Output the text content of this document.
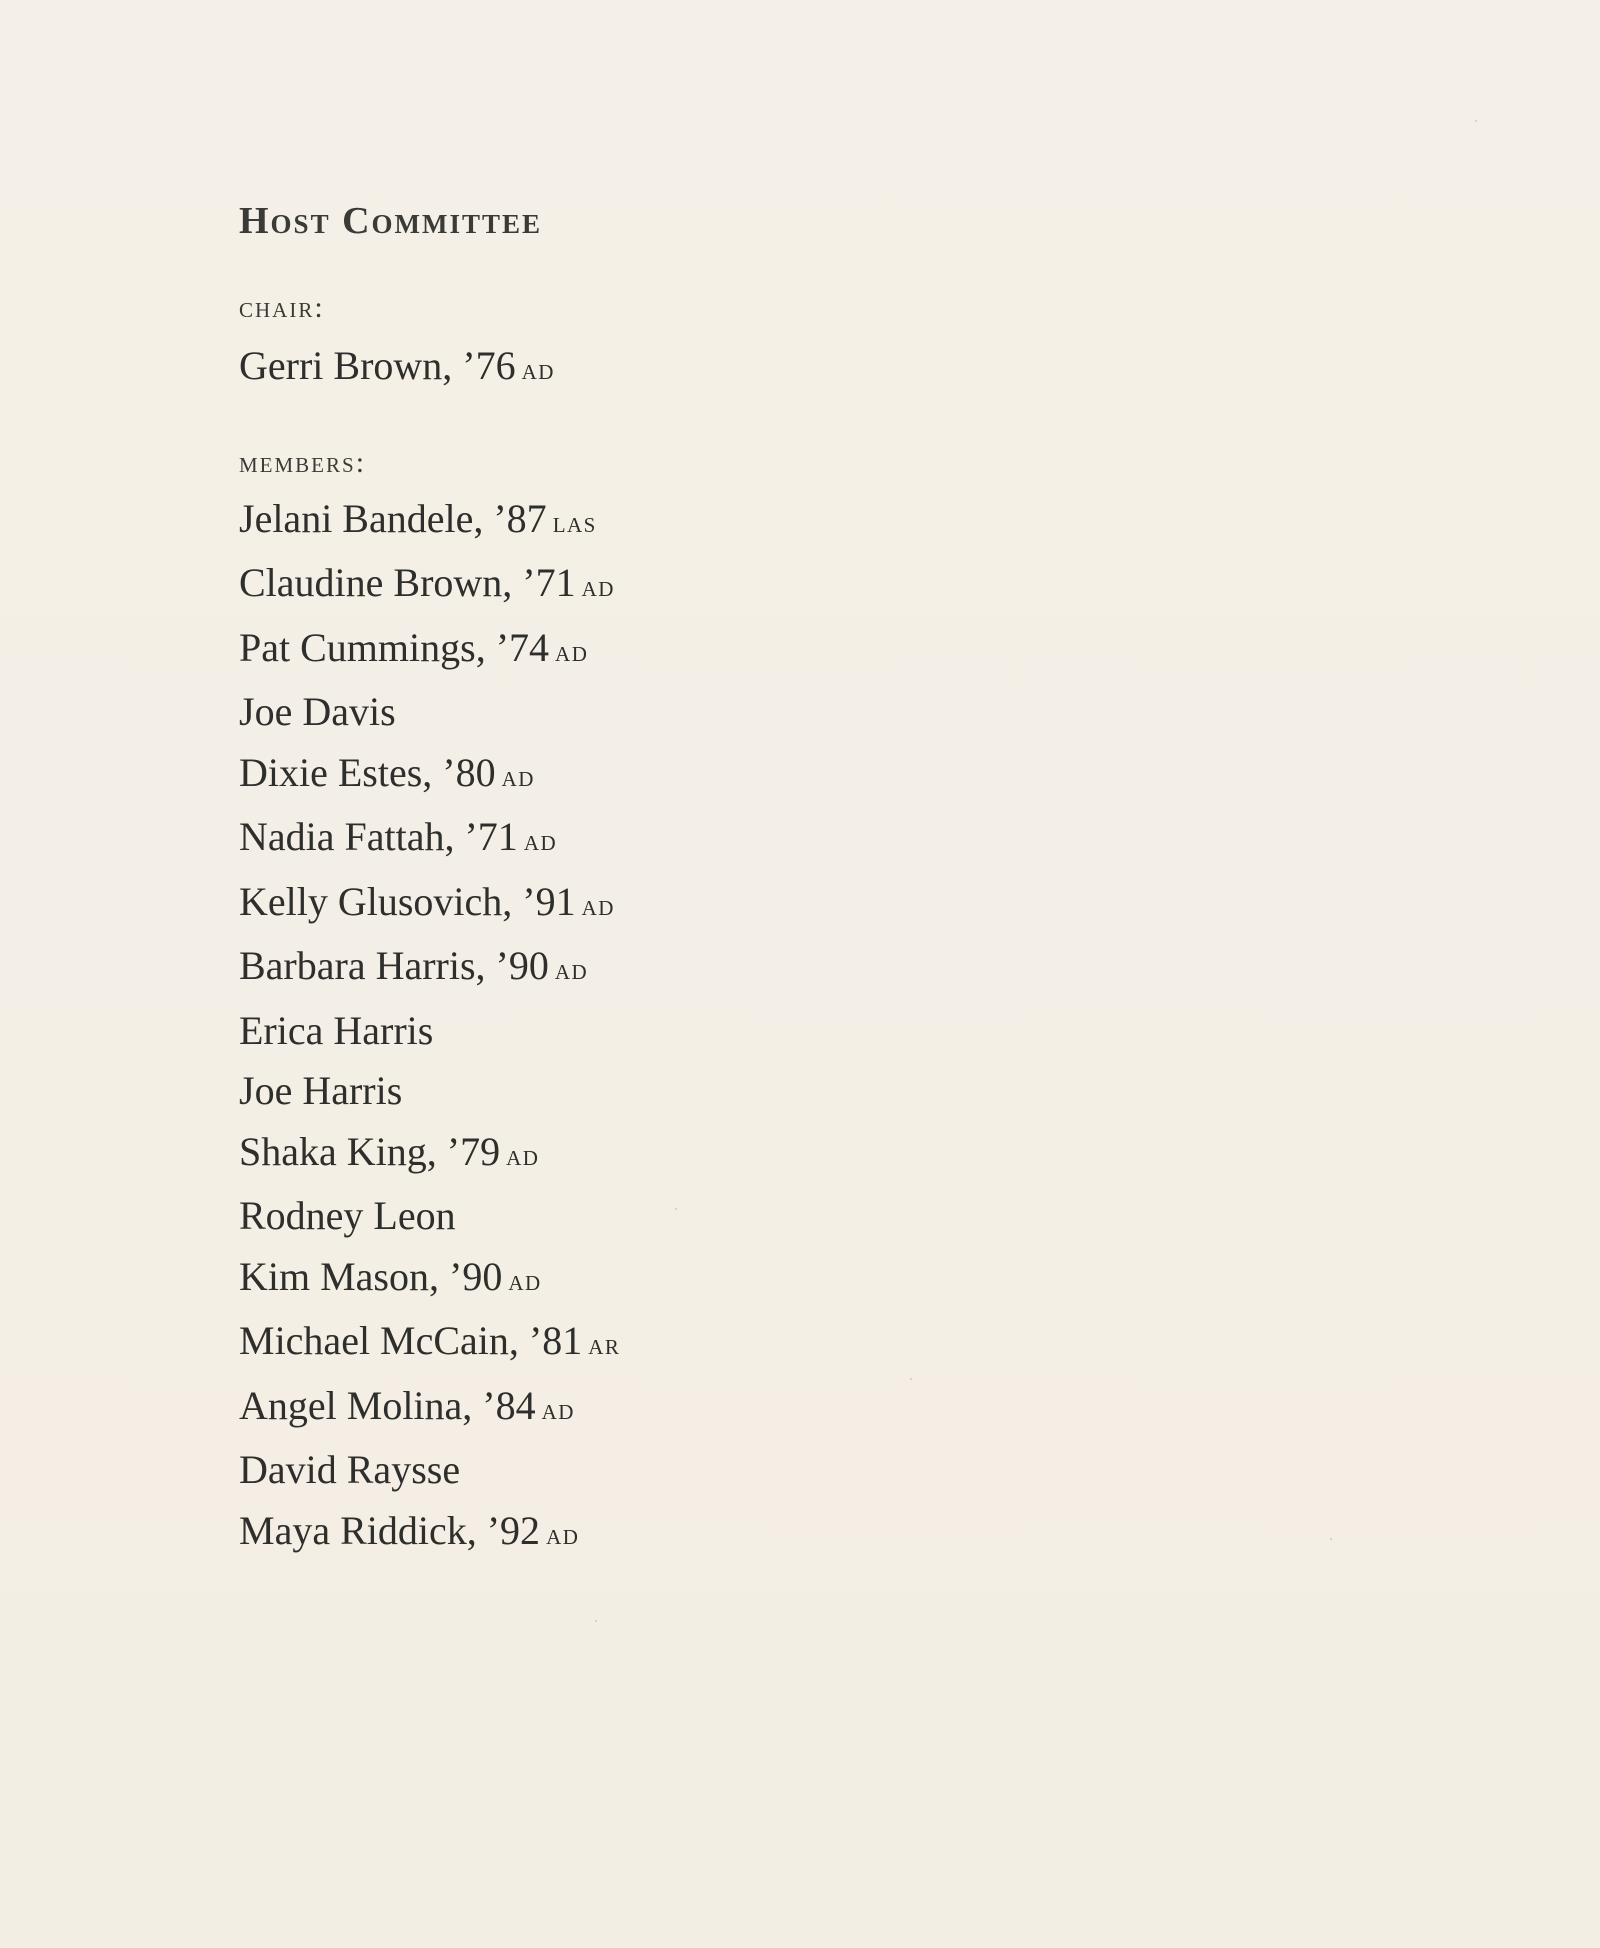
Host Committee
chair:
Gerri Brown, ’76 ad
members:
Jelani Bandele, ’87 las
Claudine Brown, ’71 ad
Pat Cummings, ’74 ad
Joe Davis
Dixie Estes, ’80 ad
Nadia Fattah, ’71 ad
Kelly Glusovich, ’91 ad
Barbara Harris, ’90 ad
Erica Harris
Joe Harris
Shaka King, ’79 ad
Rodney Leon
Kim Mason, ’90 ad
Michael McCain, ’81 ar
Angel Molina, ’84 ad
David Raysse
Maya Riddick, ’92 ad
